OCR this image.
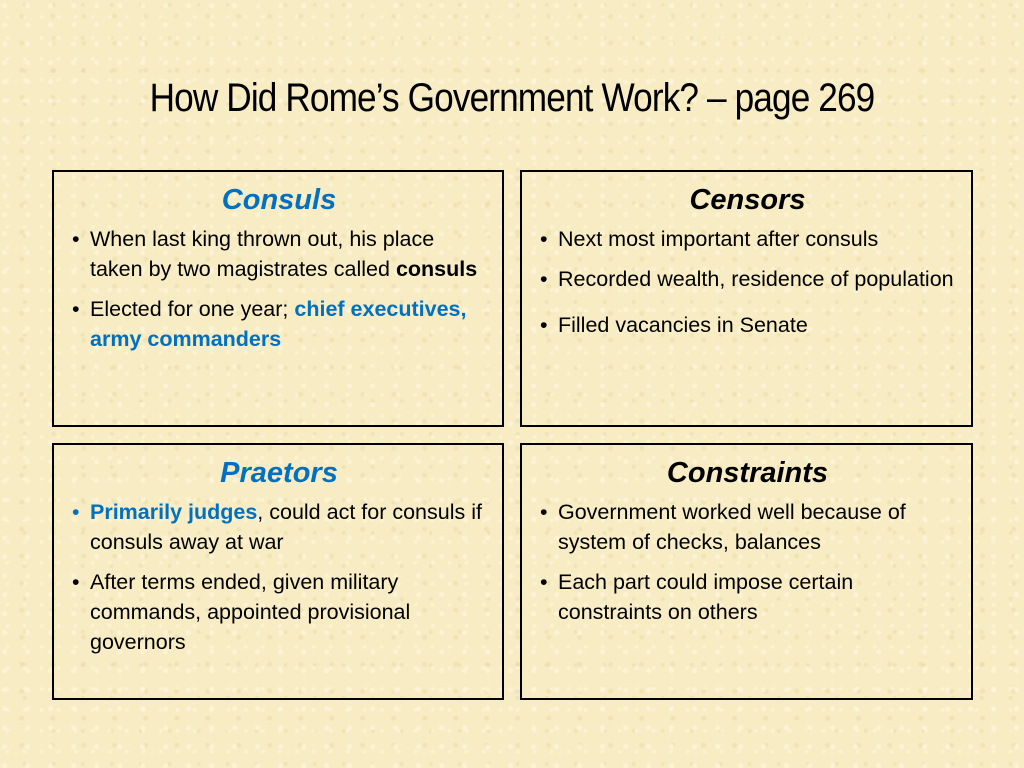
How Did Rome’s Government Work? – page 269
Consuls
• When last king thrown out, his place taken by two magistrates called consuls
• Elected for one year; chief executives, army commanders
Censors
• Next most important after consuls
• Recorded wealth, residence of population
• Filled vacancies in Senate
Praetors
• Primarily judges, could act for consuls if consuls away at war
• After terms ended, given military commands, appointed provisional governors
Constraints
• Government worked well because of system of checks, balances
• Each part could impose certain constraints on others
